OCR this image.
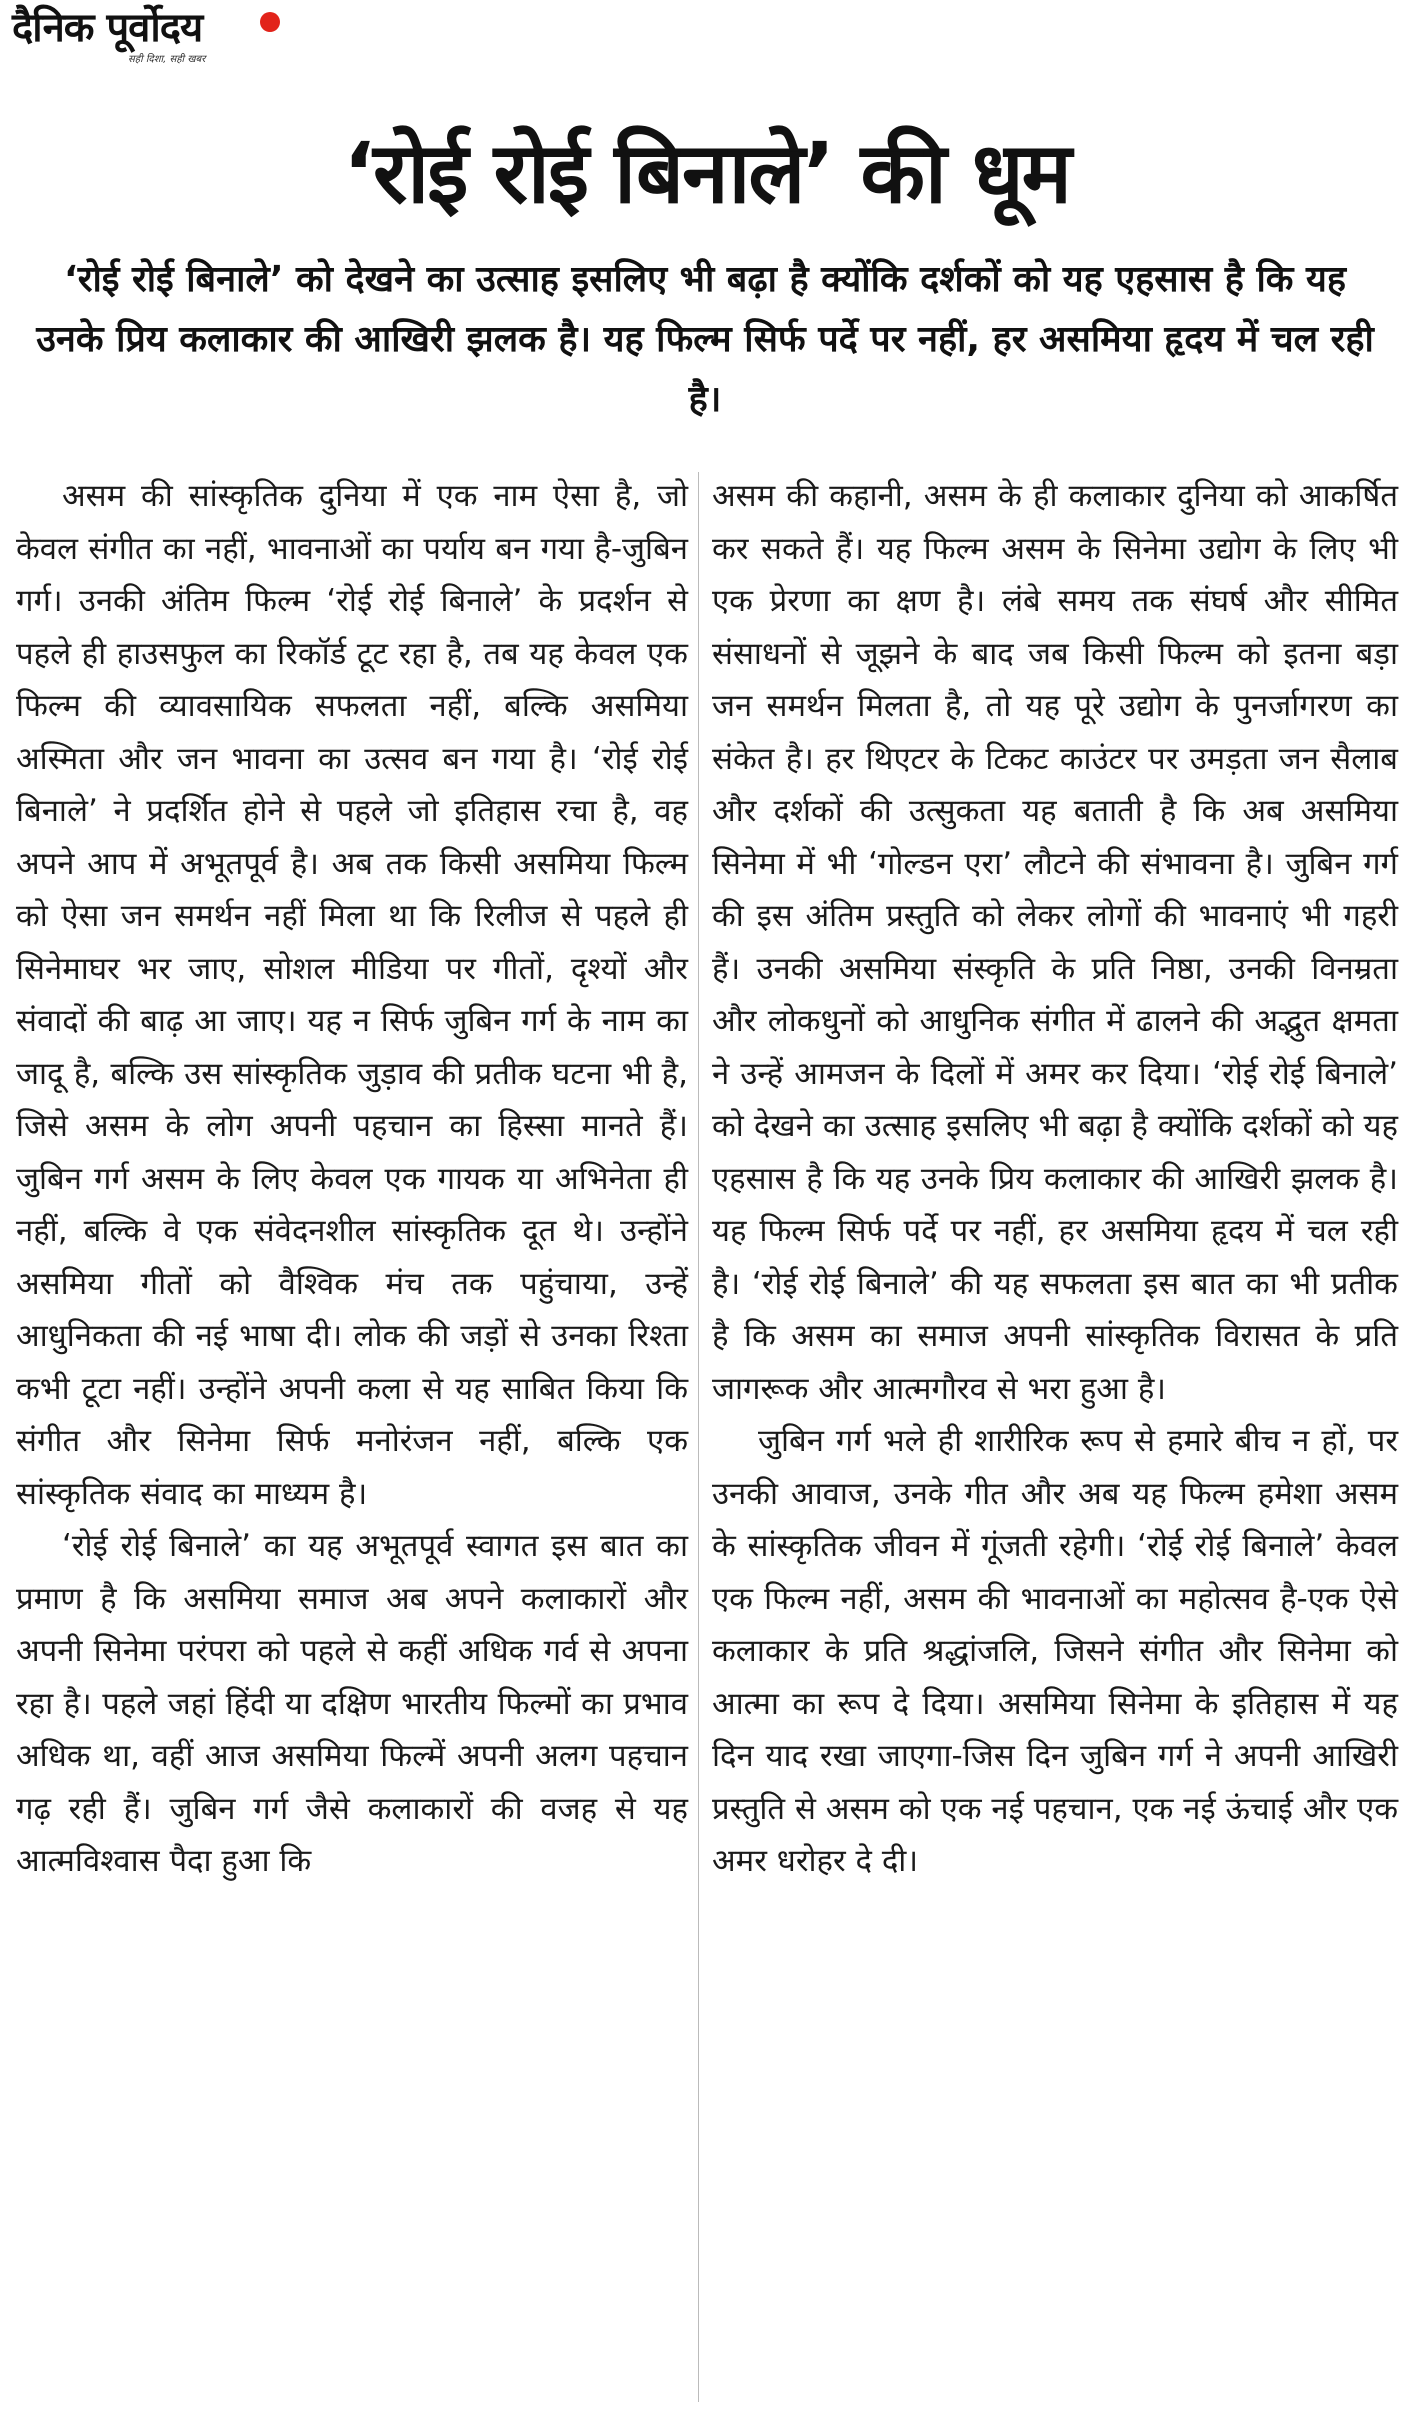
दैनिक पूर्वोदय
सही दिशा, सही खबर
‘रोई रोई बिनाले’ की धूम
‘रोई रोई बिनाले’ को देखने का उत्साह इसलिए भी बढ़ा है क्योंकि दर्शकों को यह एहसास है कि यह उनके प्रिय कलाकार की आखिरी झलक है। यह फिल्म सिर्फ पर्दे पर नहीं, हर असमिया हृदय में चल रही है।

असम की सांस्कृतिक दुनिया में एक नाम ऐसा है, जो केवल संगीत का नहीं, भावनाओं का पर्याय बन गया है-जुबिन गर्ग। उनकी अंतिम फिल्म ‘रोई रोई बिनाले’ के प्रदर्शन से पहले ही हाउसफुल का रिकॉर्ड टूट रहा है, तब यह केवल एक फिल्म की व्यावसायिक सफलता नहीं, बल्कि असमिया अस्मिता और जन भावना का उत्सव बन गया है। ‘रोई रोई बिनाले’ ने प्रदर्शित होने से पहले जो इतिहास रचा है, वह अपने आप में अभूतपूर्व है। अब तक किसी असमिया फिल्म को ऐसा जन समर्थन नहीं मिला था कि रिलीज से पहले ही सिनेमाघर भर जाए, सोशल मीडिया पर गीतों, दृश्यों और संवादों की बाढ़ आ जाए। यह न सिर्फ जुबिन गर्ग के नाम का जादू है, बल्कि उस सांस्कृतिक जुड़ाव की प्रतीक घटना भी है, जिसे असम के लोग अपनी पहचान का हिस्सा मानते हैं। जुबिन गर्ग असम के लिए केवल एक गायक या अभिनेता ही नहीं, बल्कि वे एक संवेदनशील सांस्कृतिक दूत थे। उन्होंने असमिया गीतों को वैश्विक मंच तक पहुंचाया, उन्हें आधुनिकता की नई भाषा दी। लोक की जड़ों से उनका रिश्ता कभी टूटा नहीं। उन्होंने अपनी कला से यह साबित किया कि संगीत और सिनेमा सिर्फ मनोरंजन नहीं, बल्कि एक सांस्कृतिक संवाद का माध्यम है।

‘रोई रोई बिनाले’ का यह अभूतपूर्व स्वागत इस बात का प्रमाण है कि असमिया समाज अब अपने कलाकारों और अपनी सिनेमा परंपरा को पहले से कहीं अधिक गर्व से अपना रहा है। पहले जहां हिंदी या दक्षिण भारतीय फिल्मों का प्रभाव अधिक था, वहीं आज असमिया फिल्में अपनी अलग पहचान गढ़ रही हैं। जुबिन गर्ग जैसे कलाकारों की वजह से यह आत्मविश्वास पैदा हुआ कि

असम की कहानी, असम के ही कलाकार दुनिया को आकर्षित कर सकते हैं। यह फिल्म असम के सिनेमा उद्योग के लिए भी एक प्रेरणा का क्षण है। लंबे समय तक संघर्ष और सीमित संसाधनों से जूझने के बाद जब किसी फिल्म को इतना बड़ा जन समर्थन मिलता है, तो यह पूरे उद्योग के पुनर्जागरण का संकेत है। हर थिएटर के टिकट काउंटर पर उमड़ता जन सैलाब और दर्शकों की उत्सुकता यह बताती है कि अब असमिया सिनेमा में भी ‘गोल्डन एरा’ लौटने की संभावना है। जुबिन गर्ग की इस अंतिम प्रस्तुति को लेकर लोगों की भावनाएं भी गहरी हैं। उनकी असमिया संस्कृति के प्रति निष्ठा, उनकी विनम्रता और लोकधुनों को आधुनिक संगीत में ढालने की अद्भुत क्षमता ने उन्हें आमजन के दिलों में अमर कर दिया। ‘रोई रोई बिनाले’ को देखने का उत्साह इसलिए भी बढ़ा है क्योंकि दर्शकों को यह एहसास है कि यह उनके प्रिय कलाकार की आखिरी झलक है। यह फिल्म सिर्फ पर्दे पर नहीं, हर असमिया हृदय में चल रही है। ‘रोई रोई बिनाले’ की यह सफलता इस बात का भी प्रतीक है कि असम का समाज अपनी सांस्कृतिक विरासत के प्रति जागरूक और आत्मगौरव से भरा हुआ है।

जुबिन गर्ग भले ही शारीरिक रूप से हमारे बीच न हों, पर उनकी आवाज, उनके गीत और अब यह फिल्म हमेशा असम के सांस्कृतिक जीवन में गूंजती रहेगी। ‘रोई रोई बिनाले’ केवल एक फिल्म नहीं, असम की भावनाओं का महोत्सव है-एक ऐसे कलाकार के प्रति श्रद्धांजलि, जिसने संगीत और सिनेमा को आत्मा का रूप दे दिया। असमिया सिनेमा के इतिहास में यह दिन याद रखा जाएगा-जिस दिन जुबिन गर्ग ने अपनी आखिरी प्रस्तुति से असम को एक नई पहचान, एक नई ऊंचाई और एक अमर धरोहर दे दी।
